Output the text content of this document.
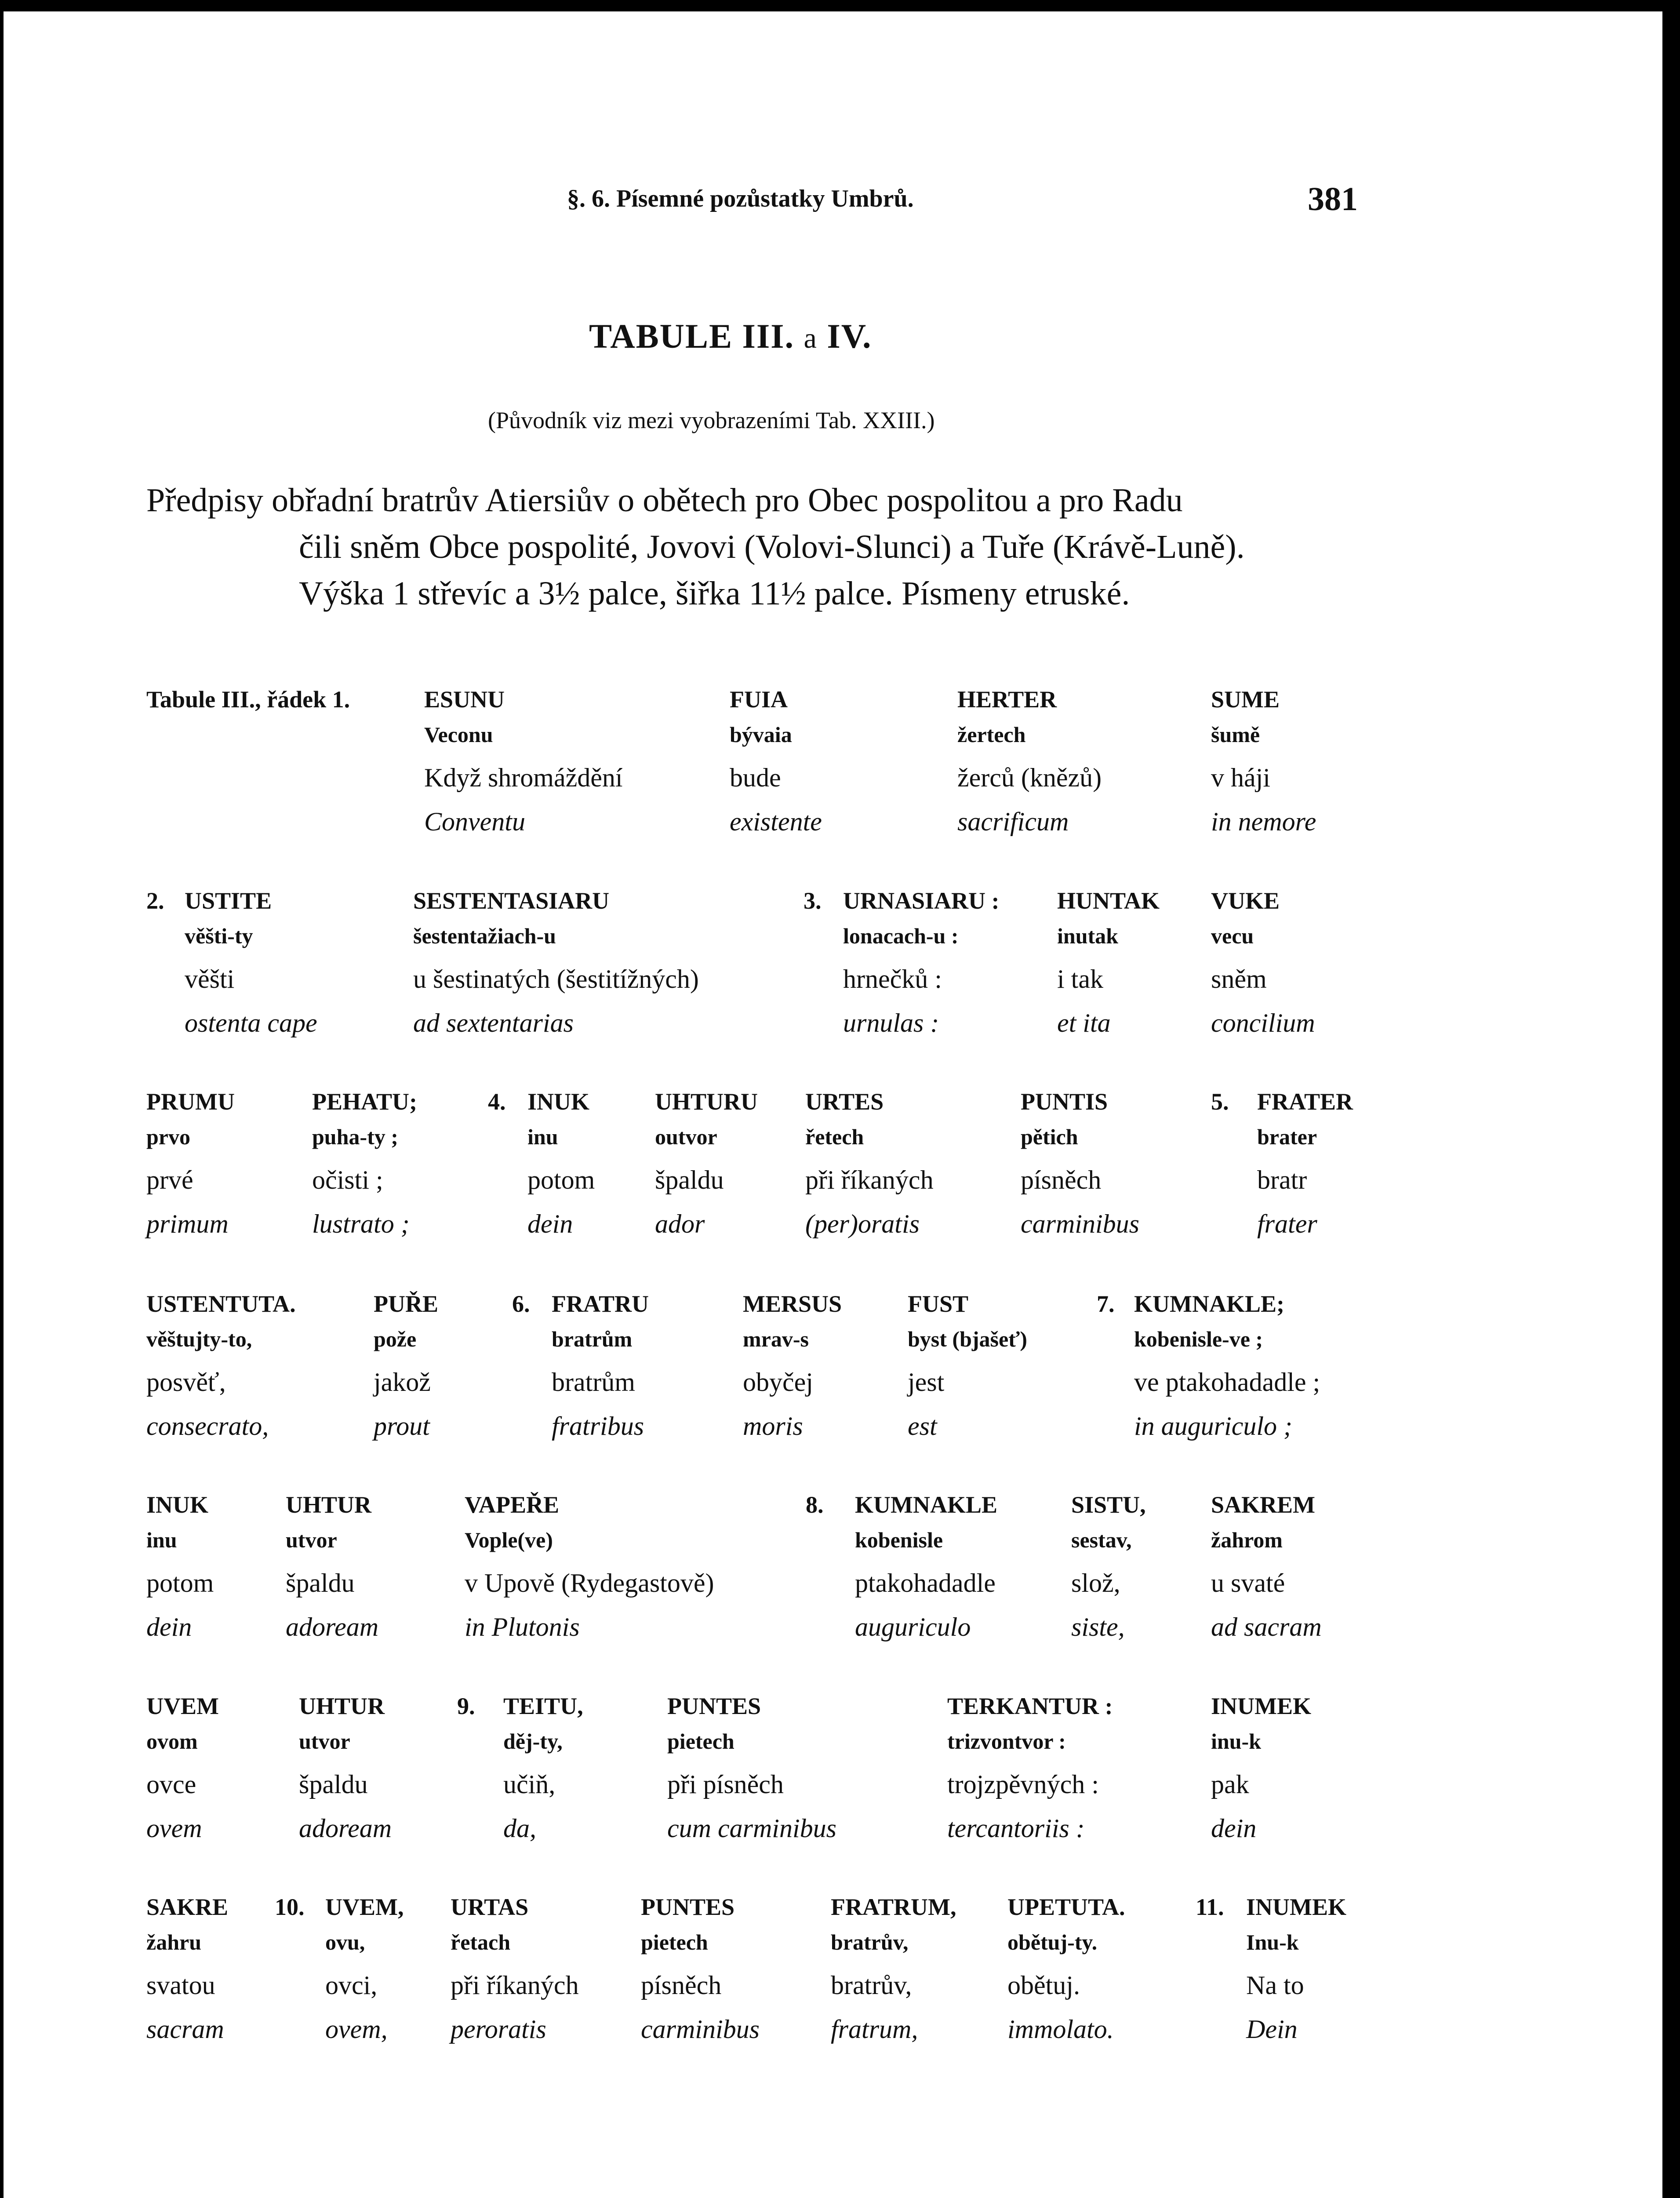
§. 6. Písemné pozůstatky Umbrů.	381
TABULE III. a IV.
(Původník viz mezi vyobrazeními Tab. XXIII.)
Předpisy obřadní bratrův Atiersiův o obětech pro Obec pospolitou a pro Radu
čili sněm Obce pospolité, Jovovi (Volovi-Slunci) a Tuře (Krávě-Luně).
Výška 1 střevíc a 3½ palce, šiřka 11½ palce. Písmeny etruské.
Tabule III., řádek 1.	ESUNU
Veconu
Když shromáždění
Conventu
FUIA
bývaia
bude
existente
HERTER
žertech
žerců (knězů)
sacrificum
SUME
šumě
v háji
in nemore
2. USTITE
věšti-ty
věšti
ostenta cape
SESTENTASIARU
šestentažiach-u
u šestinatých (šestitížných)
ad sextentarias
3. URNASIARU :
lonacach-u :
hrnečků :
urnulas :
HUNTAK
inutak
i tak
et ita
VUKE
vecu
sněm
concilium
PRUMU
prvo
prvé
primum
PEHATU;
puha-ty ;
očisti ;
lustrato ;
4. INUK
inu
potom
dein
UHTURU
outvor
špaldu
ador
URTES
řetech
při říkaných
(per)oratis
PUNTIS
pětich
písněch
carminibus
5. FRATER
brater
bratr
frater
USTENTUTA.
věštujty-to,
posvěť,
consecrato,
PUŘE
pože
jakož
prout
6. FRATRU
bratrům
bratrům
fratribus
MERSUS
mrav-s
obyčej
moris
FUST
byst (bjašeť)
jest
est
7. KUMNAKLE;
kobenisle-ve ;
ve ptakohadadle ;
in auguriculo ;
INUK
inu
potom
dein
UHTUR
utvor
špaldu
adoream
VAPEŘE
Vople(ve)
v Upově (Rydegastově)
in Plutonis
8. KUMNAKLE
kobenisle
ptakohadadle
auguriculo
SISTU,
sestav,
slož,
siste,
SAKREM
žahrom
u svaté
ad sacram
UVEM
ovom
ovce
ovem
UHTUR
utvor
špaldu
adoream
9. TEITU,
děj-ty,
učiň,
da,
PUNTES
pietech
při písněch
cum carminibus
TERKANTUR :
trizvontvor :
trojzpěvných :
tercantoriis :
INUMEK
inu-k
pak
dein
SAKRE
žahru
svatou
sacram
10. UVEM,
ovu,
ovci,
ovem,
URTAS
řetach
při říkaných
peroratis
PUNTES
pietech
písněch
carminibus
FRATRUM,
bratrův,
bratrův,
fratrum,
UPETUTA.
obětuj-ty.
obětuj.
immolato.
11. INUMEK
Inu-k
Na to
Dein
